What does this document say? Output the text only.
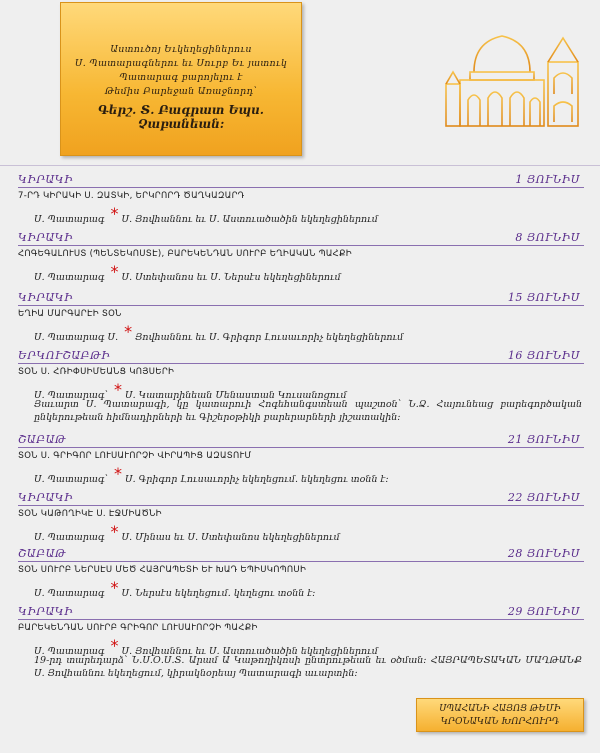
Աստուծոյ Եւկեղեցիներուս
Ս. Պատարագներու եւ Սուրբ Եւ յատուկ
Պատարագ բարոյելու է
Թեմիս Բարեջան Առաջնորդ՝
Գերշ. Տ. Բագրատ Եպս. Չաբանեան:
ԿԻՐԱԿԻ	1 ՅՈՒՆԻՍ
7-ՐԴ ԿԻՐԱԿԻ Ս. ԶԱՏԿԻ, ԵՐԿՐՈՐԴ ԾԱՂԿԱԶԱՐԴ
Ս. Պատարագ * Ս. Յովհաննու եւ Ս. Աստուածածին եկեղեցիներում
ԿԻՐԱԿԻ	8 ՅՈՒՆԻՍ
ՀՈԳԵԳԱԼՈՒՍՏ (ՊԵՆՏԵԿՈՍՏԷ), ԲԱՐԵԿԵՆԴԱՆ ՍՈՒՐԲ ԵՂԻԱԿԱՆ ՊԱՀՔԻ
Ս. Պատարագ * Ս. Ստեփանոս եւ Ս. Ներսէս եկեղեցիներում
ԿԻՐԱԿԻ	15 ՅՈՒՆԻՍ
ԵՂԻԱ ՄԱՐԳԱՐԷԻ ՏՕՆ
Ս. Պատարագ Ս. * Յովհաննու եւ Ս. Գրիգոր Լուսաւորիչ եկեղեցիներում
ԵՐԿՈՒՇԱԲԹԻ	16 ՅՈՒՆԻՍ
ՏՕՆ Ս. ՀՌԻՓՍԻՄԵԱՆՑ ԿՈՅՍԵՐԻ
Ս. Պատարագ՝ * Ս. Կատարինեան Մենաստան Կուսանոցում
Յաւարտ Ս. Պատարագի, կը կատարուի Հոգեհանգստեան պաշտօն՝ Ն.Ձ. Հայունեաց բարեգործական ընկերութեան հիմնադիրների եւ Գիշերօթիկի բարերարների յիշատակին:
ՇԱԲԱԹ	21 ՅՈՒՆԻՍ
ՏՕՆ Ս. ԳՐԻԳՈՐ ԼՈՒՍԱՒՈՐՉԻ ՎԻՐԱՊԻՑ ԱԶԱՏՈՒՄ
Ս. Պատարագ՝ * Ս. Գրիգոր Լուսաւորիչ եկեղեցում. եկեղեցու տօնն է:
ԿԻՐԱԿԻ	22 ՅՈՒՆԻՍ
ՏՕՆ ԿԱԹՈՂԻԿԷ Ս. ԷՋՄԻԱԾՆԻ
Ս. Պատարագ * Ս. Մինաս եւ Ս. Ստեփանոս եկեղեցիներում
ՇԱԲԱԹ	28 ՅՈՒՆԻՍ
ՏՕՆ ՍՈՒՐԲ ՆԵՐՍԷՍ ՄԵԾ ՀԱՅՐԱՊԵՏԻ ԵՒ ԽԱԴ ԵՊԻՍԿՈՊՈՍԻ
Ս. Պատարագ * Ս. Ներսէս եկեղեցում. կեղեցու տօնն է:
ԿԻՐԱԿԻ	29 ՅՈՒՆԻՍ
ԲԱՐԵԿԵՆԴԱՆ ՍՈՒՐԲ ԳՐԻԳՈՐ ԼՈՒՍԱՒՈՐՉԻ ՊԱՀՔԻ
Ս. Պատարագ * Ս. Յովհաննու եւ Ս. Աստուածածին եկեղեցիներում
19-րդ տարեդարձ՝ Ն.Ս.Օ.Ս.Տ. Արամ Ա Կաթողիկոսի ընտրութեան եւ օծման: ՀԱՅՐԱՊԵՏԱԿԱՆ ՄԱՂԹԱՆՔ Ս. Յովհաննու եկեղեցում, կիրակնօրեայ Պատարագի աւարտին:
ՍՊԱՀԱՆԻ ՀԱՅՈՑ ԹԵՄԻ
ԿՐՕՆԱԿԱՆ ԽՈՐՀՈՒՐԴ
